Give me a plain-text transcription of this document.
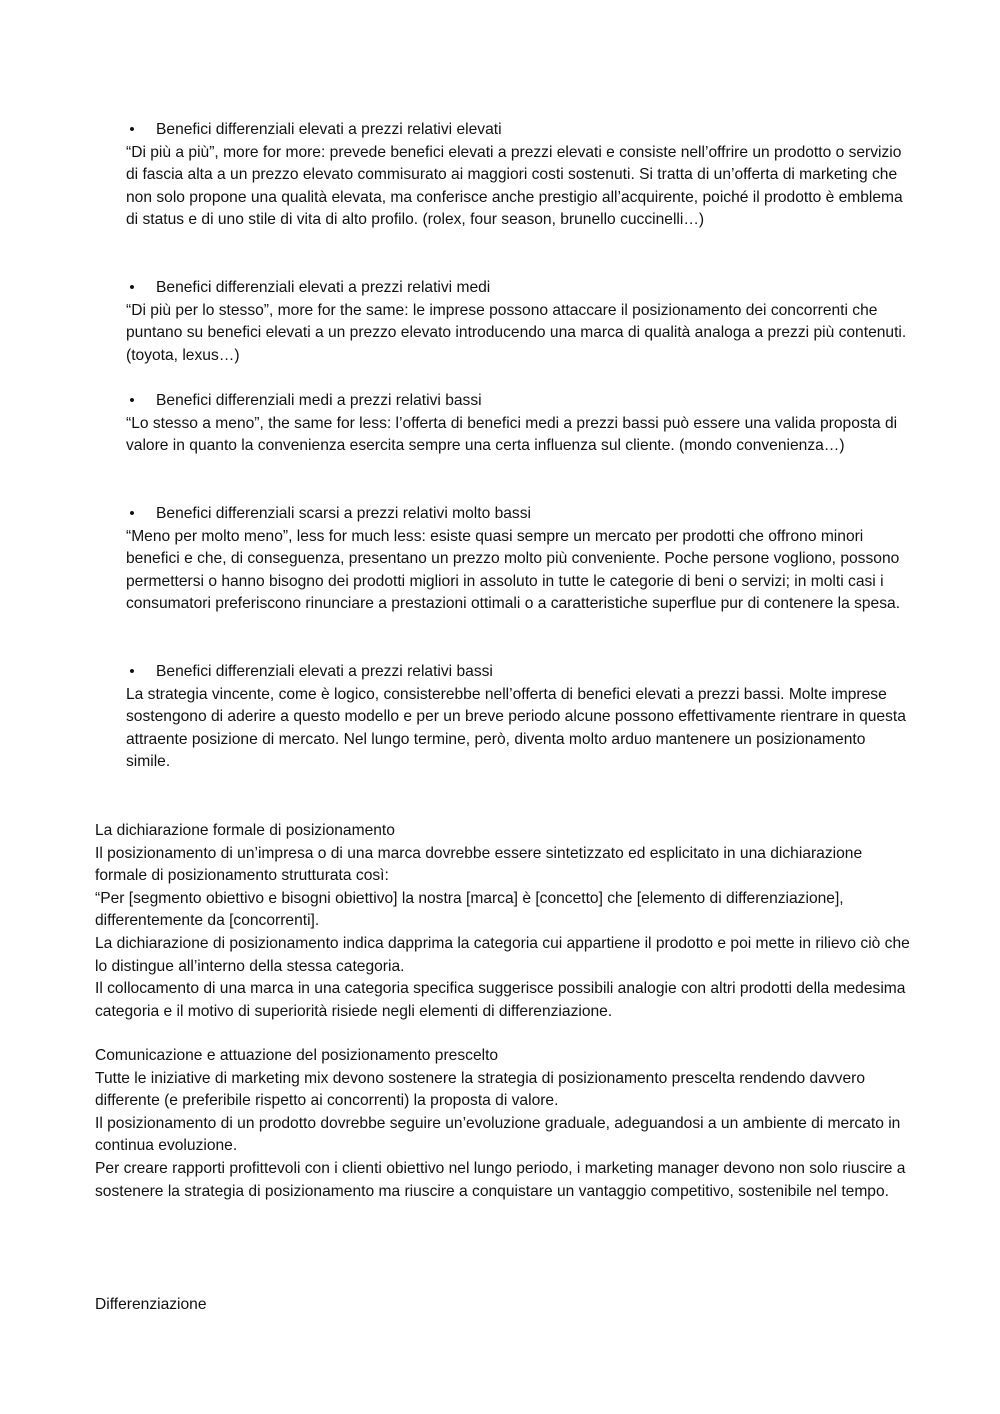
• Benefici differenziali elevati a prezzi relativi elevati

“Di più a più”, more for more: prevede benefici elevati a prezzi elevati e consiste nell’offrire un prodotto o servizio di fascia alta a un prezzo elevato commisurato ai maggiori costi sostenuti. Si tratta di un’offerta di marketing che non solo propone una qualità elevata, ma conferisce anche prestigio all’acquirente, poiché il prodotto è emblema di status e di uno stile di vita di alto profilo. (rolex, four season, brunello cuccinelli…)

• Benefici differenziali elevati a prezzi relativi medi

“Di più per lo stesso”, more for the same: le imprese possono attaccare il posizionamento dei concorrenti che puntano su benefici elevati a un prezzo elevato introducendo una marca di qualità analoga a prezzi più contenuti. (toyota, lexus…)

• Benefici differenziali medi a prezzi relativi bassi

“Lo stesso a meno”, the same for less: l’offerta di benefici medi a prezzi bassi può essere una valida proposta di valore in quanto la convenienza esercita sempre una certa influenza sul cliente. (mondo convenienza…)

• Benefici differenziali scarsi a prezzi relativi molto bassi

“Meno per molto meno”, less for much less: esiste quasi sempre un mercato per prodotti che offrono minori benefici e che, di conseguenza, presentano un prezzo molto più conveniente. Poche persone vogliono, possono permettersi o hanno bisogno dei prodotti migliori in assoluto in tutte le categorie di beni o servizi; in molti casi i consumatori preferiscono rinunciare a prestazioni ottimali o a caratteristiche superflue pur di contenere la spesa.

• Benefici differenziali elevati a prezzi relativi bassi

La strategia vincente, come è logico, consisterebbe nell’offerta di benefici elevati a prezzi bassi. Molte imprese sostengono di aderire a questo modello e per un breve periodo alcune possono effettivamente rientrare in questa attraente posizione di mercato. Nel lungo termine, però, diventa molto arduo mantenere un posizionamento simile.

La dichiarazione formale di posizionamento

Il posizionamento di un’impresa o di una marca dovrebbe essere sintetizzato ed esplicitato in una dichiarazione formale di posizionamento strutturata così:

“Per [segmento obiettivo e bisogni obiettivo] la nostra [marca] è [concetto] che [elemento di differenziazione], differentemente da [concorrenti].

La dichiarazione di posizionamento indica dapprima la categoria cui appartiene il prodotto e poi mette in rilievo ciò che lo distingue all’interno della stessa categoria.

Il collocamento di una marca in una categoria specifica suggerisce possibili analogie con altri prodotti della medesima categoria e il motivo di superiorità risiede negli elementi di differenziazione.

Comunicazione e attuazione del posizionamento prescelto

Tutte le iniziative di marketing mix devono sostenere la strategia di posizionamento prescelta rendendo davvero differente (e preferibile rispetto ai concorrenti) la proposta di valore.

Il posizionamento di un prodotto dovrebbe seguire un’evoluzione graduale, adeguandosi a un ambiente di mercato in continua evoluzione.

Per creare rapporti profittevoli con i clienti obiettivo nel lungo periodo, i marketing manager devono non solo riuscire a sostenere la strategia di posizionamento ma riuscire a conquistare un vantaggio competitivo, sostenibile nel tempo.

Differenziazione
